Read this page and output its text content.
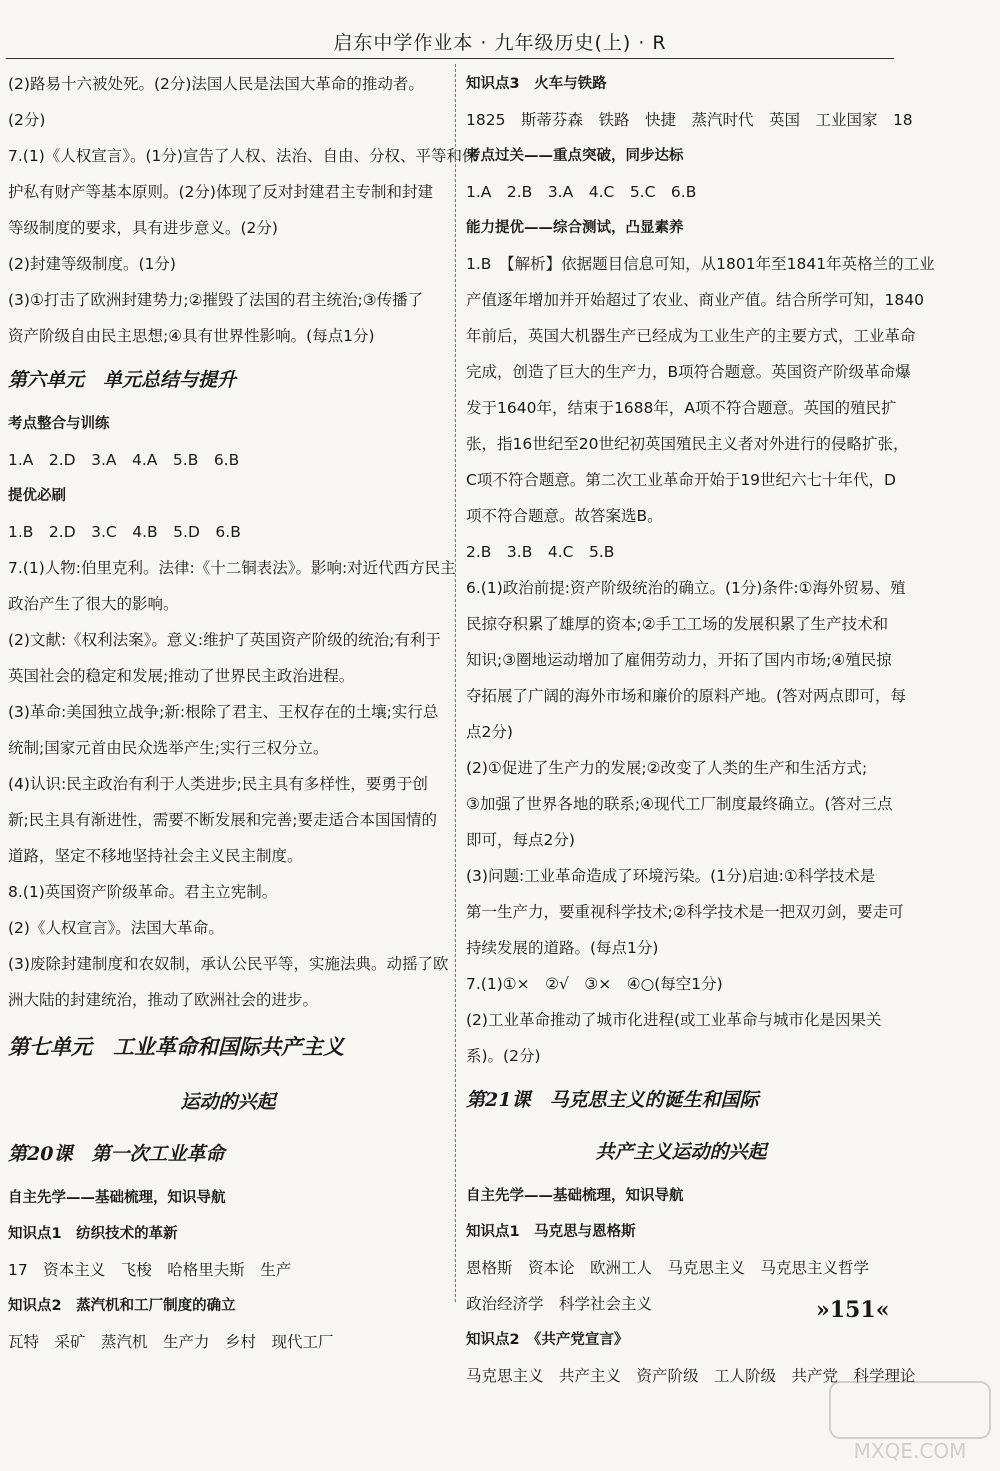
启东中学作业本 · 九年级历史(上) · R
(2)路易十六被处死。(2分)法国人民是法国大革命的推动者。
(2分)
7.(1)《人权宣言》。(1分)宣告了人权、法治、自由、分权、平等和保
护私有财产等基本原则。(2分)体现了反对封建君主专制和封建
等级制度的要求，具有进步意义。(2分)
(2)封建等级制度。(1分)
(3)①打击了欧洲封建势力;②摧毁了法国的君主统治;③传播了
资产阶级自由民主思想;④具有世界性影响。(每点1分)
第六单元　单元总结与提升
考点整合与训练
1.A　2.D　3.A　4.A　5.B　6.B
提优必刷
1.B　2.D　3.C　4.B　5.D　6.B
7.(1)人物:伯里克利。法律:《十二铜表法》。影响:对近代西方民主
政治产生了很大的影响。
(2)文献:《权利法案》。意义:维护了英国资产阶级的统治;有利于
英国社会的稳定和发展;推动了世界民主政治进程。
(3)革命:美国独立战争;新:根除了君主、王权存在的土壤;实行总
统制;国家元首由民众选举产生;实行三权分立。
(4)认识:民主政治有利于人类进步;民主具有多样性，要勇于创
新;民主具有渐进性，需要不断发展和完善;要走适合本国国情的
道路，坚定不移地坚持社会主义民主制度。
8.(1)英国资产阶级革命。君主立宪制。
(2)《人权宣言》。法国大革命。
(3)废除封建制度和农奴制，承认公民平等，实施法典。动摇了欧
洲大陆的封建统治，推动了欧洲社会的进步。
第七单元　工业革命和国际共产主义
运动的兴起
第20课　第一次工业革命
自主先学——基础梳理，知识导航
知识点1　纺织技术的革新
17　资本主义　飞梭　哈格里夫斯　生产
知识点2　蒸汽机和工厂制度的确立
瓦特　采矿　蒸汽机　生产力　乡村　现代工厂
知识点3　火车与铁路
1825　斯蒂芬森　铁路　快捷　蒸汽时代　英国　工业国家　18
考点过关——重点突破，同步达标
1.A　2.B　3.A　4.C　5.C　6.B
能力提优——综合测试，凸显素养
1.B　【解析】依据题目信息可知，从1801年至1841年英格兰的工业
产值逐年增加并开始超过了农业、商业产值。结合所学可知，1840
年前后，英国大机器生产已经成为工业生产的主要方式，工业革命
完成，创造了巨大的生产力，B项符合题意。英国资产阶级革命爆
发于1640年，结束于1688年，A项不符合题意。英国的殖民扩
张，指16世纪至20世纪初英国殖民主义者对外进行的侵略扩张，
C项不符合题意。第二次工业革命开始于19世纪六七十年代，D
项不符合题意。故答案选B。
2.B　3.B　4.C　5.B
6.(1)政治前提:资产阶级统治的确立。(1分)条件:①海外贸易、殖
民掠夺积累了雄厚的资本;②手工工场的发展积累了生产技术和
知识;③圈地运动增加了雇佣劳动力，开拓了国内市场;④殖民掠
夺拓展了广阔的海外市场和廉价的原料产地。(答对两点即可，每
点2分)
(2)①促进了生产力的发展;②改变了人类的生产和生活方式;
③加强了世界各地的联系;④现代工厂制度最终确立。(答对三点
即可，每点2分)
(3)问题:工业革命造成了环境污染。(1分)启迪:①科学技术是
第一生产力，要重视科学技术;②科学技术是一把双刃剑，要走可
持续发展的道路。(每点1分)
7.(1)①×　②√　③×　④○(每空1分)
(2)工业革命推动了城市化进程(或工业革命与城市化是因果关
系)。(2分)
第21课　马克思主义的诞生和国际
共产主义运动的兴起
自主先学——基础梳理，知识导航
知识点1　马克思与恩格斯
恩格斯　资本论　欧洲工人　马克思主义　马克思主义哲学
政治经济学　科学社会主义
知识点2　《共产党宣言》
马克思主义　共产主义　资产阶级　工人阶级　共产党　科学理论
»151«
MXQE.COM
